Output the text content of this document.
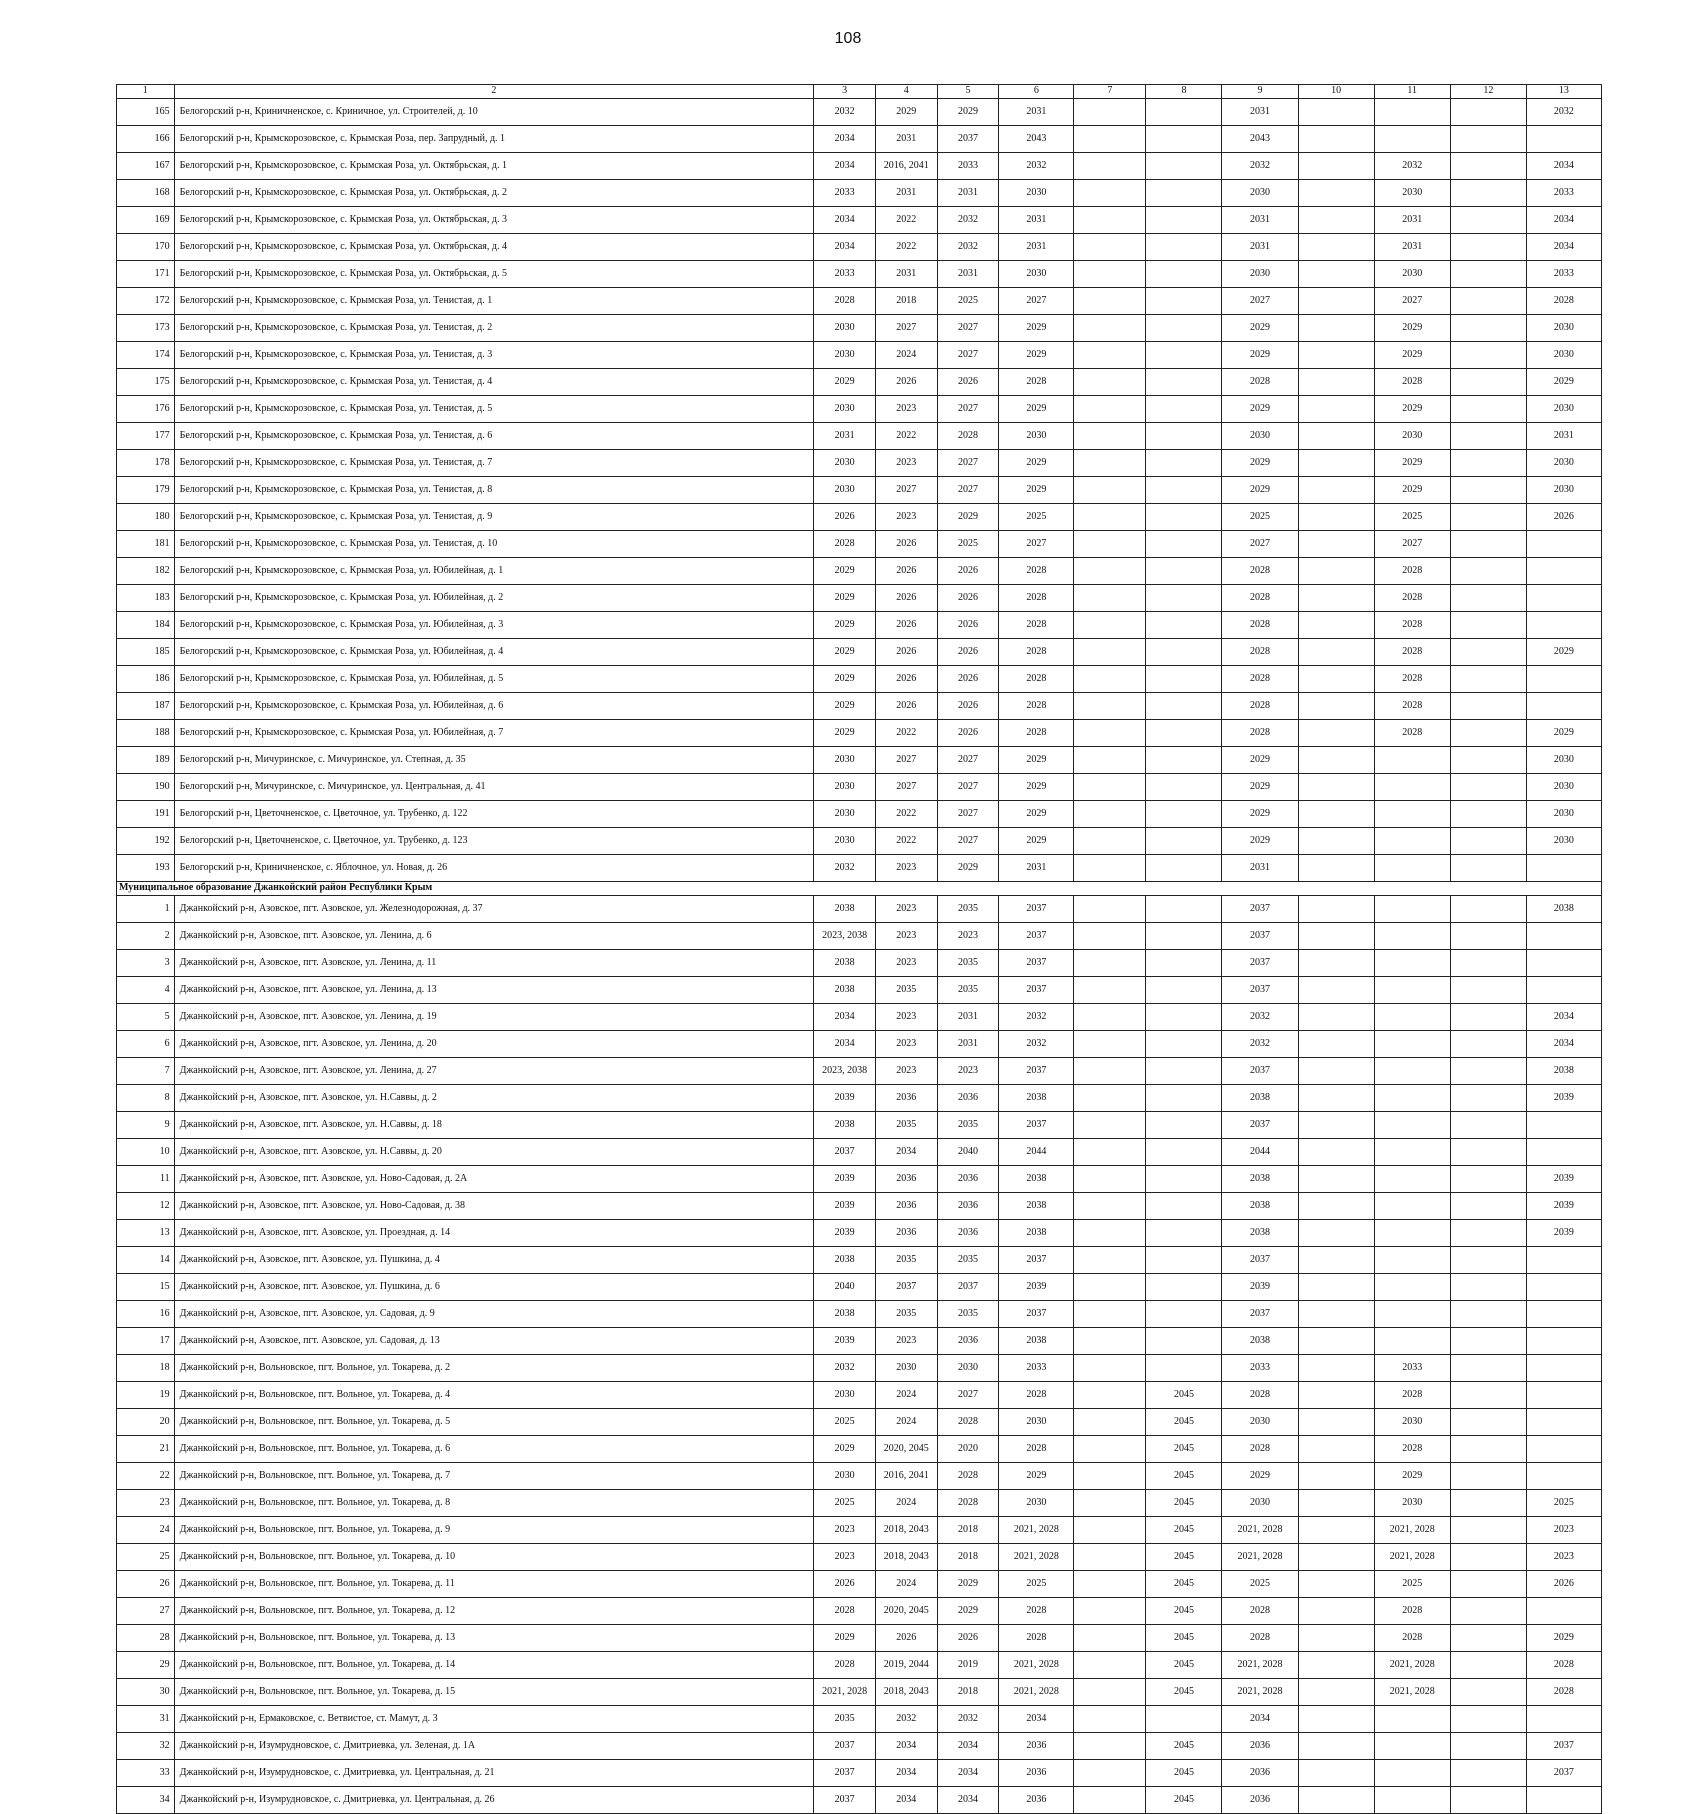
108
1	2	3	4	5	6	7	8	9	10	11	12	13
165	Белогорский р-н, Криничненское, с. Криничное, ул. Строителей, д. 10	2032	2029	2029	2031			2031				2032
166	Белогорский р-н, Крымскорозовское, с. Крымская Роза, пер. Запрудный, д. 1	2034	2031	2037	2043			2043				
167	Белогорский р-н, Крымскорозовское, с. Крымская Роза, ул. Октябрьская, д. 1	2034	2016, 2041	2033	2032			2032		2032		2034
168	Белогорский р-н, Крымскорозовское, с. Крымская Роза, ул. Октябрьская, д. 2	2033	2031	2031	2030			2030		2030		2033
169	Белогорский р-н, Крымскорозовское, с. Крымская Роза, ул. Октябрьская, д. 3	2034	2022	2032	2031			2031		2031		2034
170	Белогорский р-н, Крымскорозовское, с. Крымская Роза, ул. Октябрьская, д. 4	2034	2022	2032	2031			2031		2031		2034
171	Белогорский р-н, Крымскорозовское, с. Крымская Роза, ул. Октябрьская, д. 5	2033	2031	2031	2030			2030		2030		2033
172	Белогорский р-н, Крымскорозовское, с. Крымская Роза, ул. Тенистая, д. 1	2028	2018	2025	2027			2027		2027		2028
173	Белогорский р-н, Крымскорозовское, с. Крымская Роза, ул. Тенистая, д. 2	2030	2027	2027	2029			2029		2029		2030
174	Белогорский р-н, Крымскорозовское, с. Крымская Роза, ул. Тенистая, д. 3	2030	2024	2027	2029			2029		2029		2030
175	Белогорский р-н, Крымскорозовское, с. Крымская Роза, ул. Тенистая, д. 4	2029	2026	2026	2028			2028		2028		2029
176	Белогорский р-н, Крымскорозовское, с. Крымская Роза, ул. Тенистая, д. 5	2030	2023	2027	2029			2029		2029		2030
177	Белогорский р-н, Крымскорозовское, с. Крымская Роза, ул. Тенистая, д. 6	2031	2022	2028	2030			2030		2030		2031
178	Белогорский р-н, Крымскорозовское, с. Крымская Роза, ул. Тенистая, д. 7	2030	2023	2027	2029			2029		2029		2030
179	Белогорский р-н, Крымскорозовское, с. Крымская Роза, ул. Тенистая, д. 8	2030	2027	2027	2029			2029		2029		2030
180	Белогорский р-н, Крымскорозовское, с. Крымская Роза, ул. Тенистая, д. 9	2026	2023	2029	2025			2025		2025		2026
181	Белогорский р-н, Крымскорозовское, с. Крымская Роза, ул. Тенистая, д. 10	2028	2026	2025	2027			2027		2027		
182	Белогорский р-н, Крымскорозовское, с. Крымская Роза, ул. Юбилейная, д. 1	2029	2026	2026	2028			2028		2028		
183	Белогорский р-н, Крымскорозовское, с. Крымская Роза, ул. Юбилейная, д. 2	2029	2026	2026	2028			2028		2028		
184	Белогорский р-н, Крымскорозовское, с. Крымская Роза, ул. Юбилейная, д. 3	2029	2026	2026	2028			2028		2028		
185	Белогорский р-н, Крымскорозовское, с. Крымская Роза, ул. Юбилейная, д. 4	2029	2026	2026	2028			2028		2028		2029
186	Белогорский р-н, Крымскорозовское, с. Крымская Роза, ул. Юбилейная, д. 5	2029	2026	2026	2028			2028		2028		
187	Белогорский р-н, Крымскорозовское, с. Крымская Роза, ул. Юбилейная, д. 6	2029	2026	2026	2028			2028		2028		
188	Белогорский р-н, Крымскорозовское, с. Крымская Роза, ул. Юбилейная, д. 7	2029	2022	2026	2028			2028		2028		2029
189	Белогорский р-н, Мичуринское, с. Мичуринское, ул. Степная, д. 35	2030	2027	2027	2029			2029				2030
190	Белогорский р-н, Мичуринское, с. Мичуринское, ул. Центральная, д. 41	2030	2027	2027	2029			2029				2030
191	Белогорский р-н, Цветочненское, с. Цветочное, ул. Трубенко, д. 122	2030	2022	2027	2029			2029				2030
192	Белогорский р-н, Цветочненское, с. Цветочное, ул. Трубенко, д. 123	2030	2022	2027	2029			2029				2030
193	Белогорский р-н, Криничненское, с. Яблочное, ул. Новая, д. 26	2032	2023	2029	2031			2031				
Муниципальное образование Джанкойский район Республики Крым												
1	Джанкойский р-н, Азовское, пгт. Азовское, ул. Железнодорожная, д. 37	2038	2023	2035	2037			2037				2038
2	Джанкойский р-н, Азовское, пгт. Азовское, ул. Ленина, д. 6	2023, 2038	2023	2023	2037			2037				
3	Джанкойский р-н, Азовское, пгт. Азовское, ул. Ленина, д. 11	2038	2023	2035	2037			2037				
4	Джанкойский р-н, Азовское, пгт. Азовское, ул. Ленина, д. 13	2038	2035	2035	2037			2037				
5	Джанкойский р-н, Азовское, пгт. Азовское, ул. Ленина, д. 19	2034	2023	2031	2032			2032				2034
6	Джанкойский р-н, Азовское, пгт. Азовское, ул. Ленина, д. 20	2034	2023	2031	2032			2032				2034
7	Джанкойский р-н, Азовское, пгт. Азовское, ул. Ленина, д. 27	2023, 2038	2023	2023	2037			2037				2038
8	Джанкойский р-н, Азовское, пгт. Азовское, ул. Н.Саввы, д. 2	2039	2036	2036	2038			2038				2039
9	Джанкойский р-н, Азовское, пгт. Азовское, ул. Н.Саввы, д. 18	2038	2035	2035	2037			2037				
10	Джанкойский р-н, Азовское, пгт. Азовское, ул. Н.Саввы, д. 20	2037	2034	2040	2044			2044				
11	Джанкойский р-н, Азовское, пгт. Азовское, ул. Ново-Садовая, д. 2А	2039	2036	2036	2038			2038				2039
12	Джанкойский р-н, Азовское, пгт. Азовское, ул. Ново-Садовая, д. 38	2039	2036	2036	2038			2038				2039
13	Джанкойский р-н, Азовское, пгт. Азовское, ул. Проездная, д. 14	2039	2036	2036	2038			2038				2039
14	Джанкойский р-н, Азовское, пгт. Азовское, ул. Пушкина, д. 4	2038	2035	2035	2037			2037				
15	Джанкойский р-н, Азовское, пгт. Азовское, ул. Пушкина, д. 6	2040	2037	2037	2039			2039				
16	Джанкойский р-н, Азовское, пгт. Азовское, ул. Садовая, д. 9	2038	2035	2035	2037			2037				
17	Джанкойский р-н, Азовское, пгт. Азовское, ул. Садовая, д. 13	2039	2023	2036	2038			2038				
18	Джанкойский р-н, Вольновское, пгт. Вольное, ул. Токарева, д. 2	2032	2030	2030	2033			2033		2033		
19	Джанкойский р-н, Вольновское, пгт. Вольное, ул. Токарева, д. 4	2030	2024	2027	2028		2045	2028		2028		
20	Джанкойский р-н, Вольновское, пгт. Вольное, ул. Токарева, д. 5	2025	2024	2028	2030		2045	2030		2030		
21	Джанкойский р-н, Вольновское, пгт. Вольное, ул. Токарева, д. 6	2029	2020, 2045	2020	2028		2045	2028		2028		
22	Джанкойский р-н, Вольновское, пгт. Вольное, ул. Токарева, д. 7	2030	2016, 2041	2028	2029		2045	2029		2029		
23	Джанкойский р-н, Вольновское, пгт. Вольное, ул. Токарева, д. 8	2025	2024	2028	2030		2045	2030		2030		2025
24	Джанкойский р-н, Вольновское, пгт. Вольное, ул. Токарева, д. 9	2023	2018, 2043	2018	2021, 2028		2045	2021, 2028		2021, 2028		2023
25	Джанкойский р-н, Вольновское, пгт. Вольное, ул. Токарева, д. 10	2023	2018, 2043	2018	2021, 2028		2045	2021, 2028		2021, 2028		2023
26	Джанкойский р-н, Вольновское, пгт. Вольное, ул. Токарева, д. 11	2026	2024	2029	2025		2045	2025		2025		2026
27	Джанкойский р-н, Вольновское, пгт. Вольное, ул. Токарева, д. 12	2028	2020, 2045	2029	2028		2045	2028		2028		
28	Джанкойский р-н, Вольновское, пгт. Вольное, ул. Токарева, д. 13	2029	2026	2026	2028		2045	2028		2028		2029
29	Джанкойский р-н, Вольновское, пгт. Вольное, ул. Токарева, д. 14	2028	2019, 2044	2019	2021, 2028		2045	2021, 2028		2021, 2028		2028
30	Джанкойский р-н, Вольновское, пгт. Вольное, ул. Токарева, д. 15	2021, 2028	2018, 2043	2018	2021, 2028		2045	2021, 2028		2021, 2028		2028
31	Джанкойский р-н, Ермаковское, с. Ветвистое, ст. Мамут, д. 3	2035	2032	2032	2034			2034				
32	Джанкойский р-н, Изумрудновское, с. Дмитриевка, ул. Зеленая, д. 1А	2037	2034	2034	2036		2045	2036				2037
33	Джанкойский р-н, Изумрудновское, с. Дмитриевка, ул. Центральная, д. 21	2037	2034	2034	2036		2045	2036				2037
34	Джанкойский р-н, Изумрудновское, с. Дмитриевка, ул. Центральная, д. 26	2037	2034	2034	2036		2045	2036				
